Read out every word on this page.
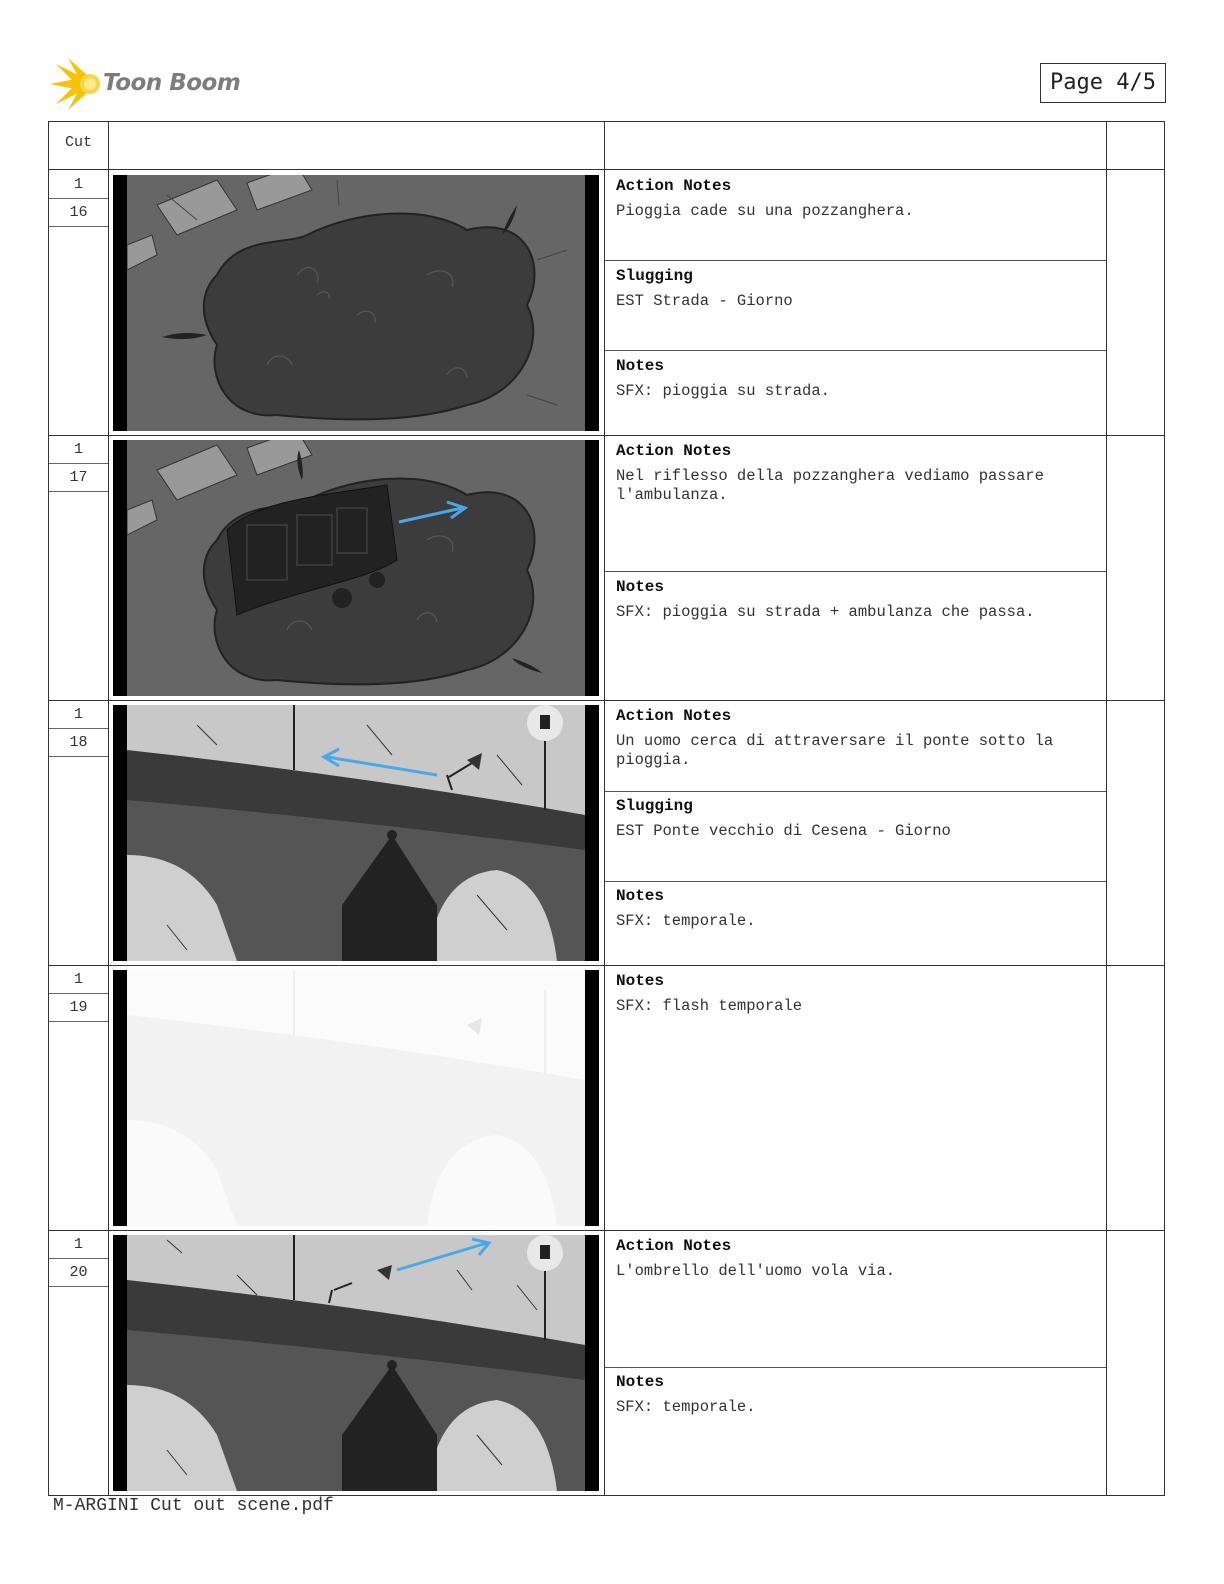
Toon Boom	Page 4/5
Cut
1
16
Action Notes
Pioggia cade su una pozzanghera.
Slugging
EST Strada - Giorno
Notes
SFX: pioggia su strada.
1
17
Action Notes
Nel riflesso della pozzanghera vediamo passare
l'ambulanza.
Notes
SFX: pioggia su strada + ambulanza che passa.
1
18
Action Notes
Un uomo cerca di attraversare il ponte sotto la
pioggia.
Slugging
EST Ponte vecchio di Cesena - Giorno
Notes
SFX: temporale.
1
19
Notes
SFX: flash temporale
1
20
Action Notes
L'ombrello dell'uomo vola via.
Notes
SFX: temporale.
M-ARGINI Cut out scene.pdf
